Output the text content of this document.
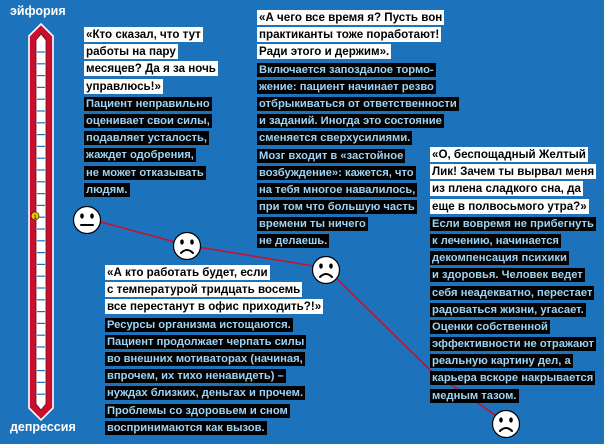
1
эйфория
депрессия
«Кто сказал, что тут
работы на пару
месяцев? Да я за ночь
управлюсь!»
Пациент неправильно
оценивает свои силы,
подавляет усталость,
жаждет одобрения,
не может отказывать
людям.
«А чего все время я? Пусть вон
практиканты тоже поработают!
Ради этого и держим».
Включается запоздалое тормо-
жение: пациент начинает резво
отбрыкиваться от ответственности
и заданий. Иногда это состояние
сменяется сверхусилиями.
Мозг входит в «застойное
возбуждение»: кажется, что
на тебя многое навалилось,
при том что большую часть
времени ты ничего
не делаешь.
«А кто работать будет, если
с температурой тридцать восемь
все перестанут в офис приходить?!»
Ресурсы организма истощаются.
Пациент продолжает черпать силы
во внешних мотиваторах (начиная,
впрочем, их тихо ненавидеть) –
нуждах близких, деньгах и прочем.
Проблемы со здоровьем и сном
воспринимаются как вызов.
«О, беспощадный Желтый
Лик! Зачем ты вырвал меня
из плена сладкого сна, да
еще в полвосьмого утра?»
Если вовремя не прибегнуть
к лечению, начинается
декомпенсация психики
и здоровья. Человек ведет
себя неадекватно, перестает
радоваться жизни, угасает.
Оценки собственной
эффективности не отражают
реальную картину дел, а
карьера вскоре накрывается
медным тазом.
